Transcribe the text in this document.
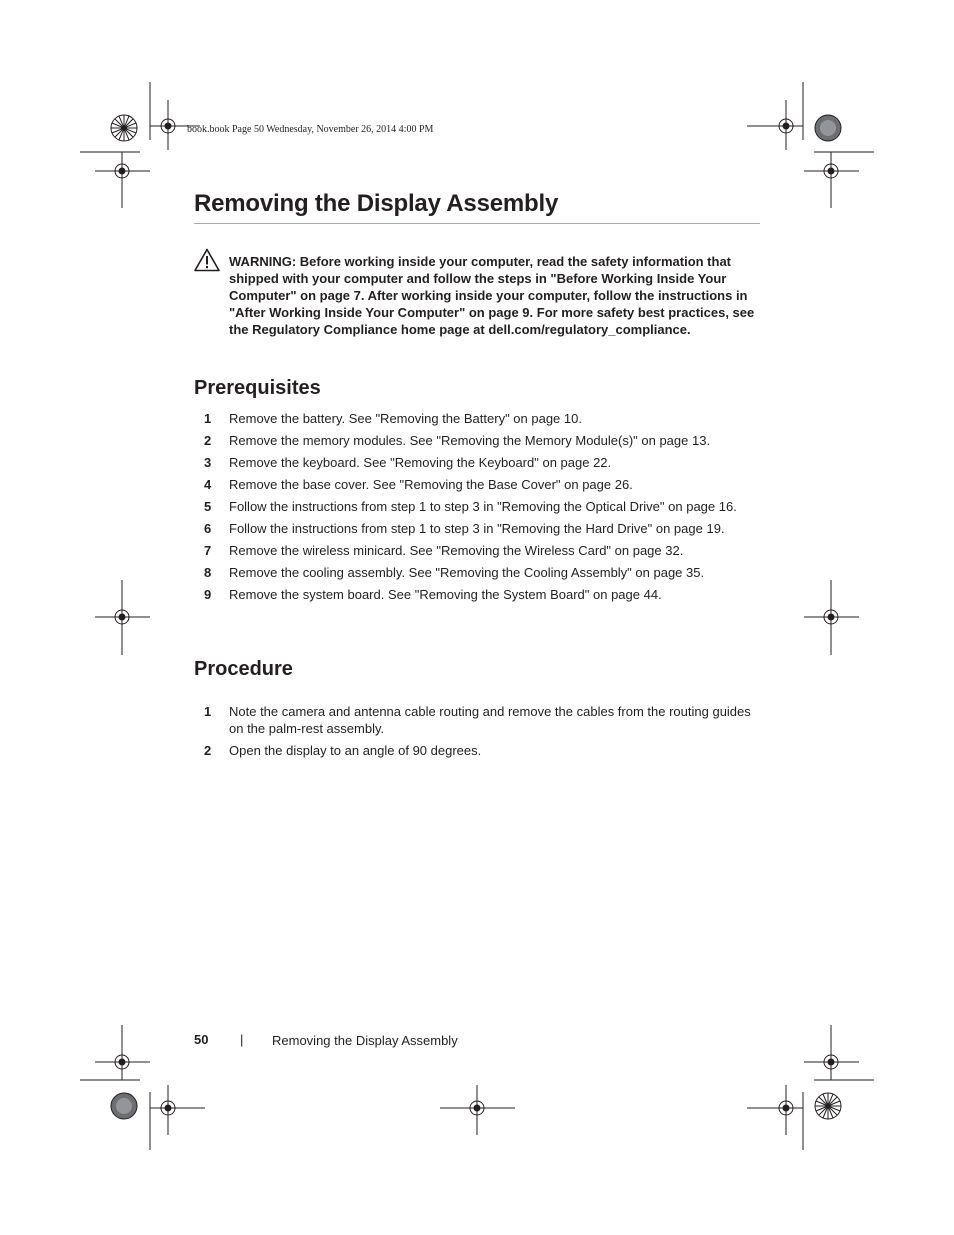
book.book Page 50 Wednesday, November 26, 2014 4:00 PM
Removing the Display Assembly
WARNING: Before working inside your computer, read the safety information that shipped with your computer and follow the steps in "Before Working Inside Your Computer" on page 7. After working inside your computer, follow the instructions in "After Working Inside Your Computer" on page 9. For more safety best practices, see the Regulatory Compliance home page at dell.com/regulatory_compliance.
Prerequisites
1	Remove the battery. See "Removing the Battery" on page 10.
2	Remove the memory modules. See "Removing the Memory Module(s)" on page 13.
3	Remove the keyboard. See "Removing the Keyboard" on page 22.
4	Remove the base cover. See "Removing the Base Cover" on page 26.
5	Follow the instructions from step 1 to step 3 in "Removing the Optical Drive" on page 16.
6	Follow the instructions from step 1 to step 3 in "Removing the Hard Drive" on page 19.
7	Remove the wireless minicard. See "Removing the Wireless Card" on page 32.
8	Remove the cooling assembly. See "Removing the Cooling Assembly" on page 35.
9	Remove the system board. See "Removing the System Board" on page 44.
Procedure
1	Note the camera and antenna cable routing and remove the cables from the routing guides on the palm-rest assembly.
2	Open the display to an angle of 90 degrees.
50 | Removing the Display Assembly
